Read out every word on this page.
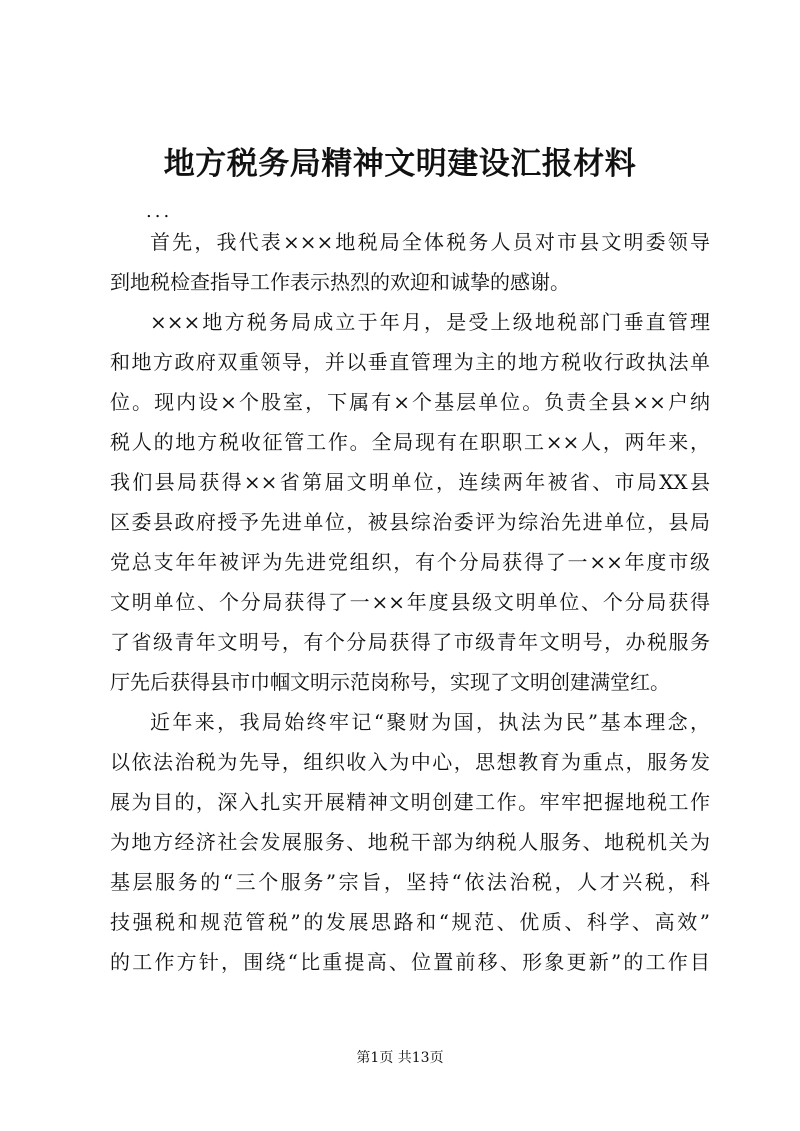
地方税务局精神文明建设汇报材料
...
首先，我代表×××地税局全体税务人员对市县文明委领导
到地税检查指导工作表示热烈的欢迎和诚挚的感谢。
×××地方税务局成立于年月，是受上级地税部门垂直管理
和地方政府双重领导，并以垂直管理为主的地方税收行政执法单
位。现内设×个股室，下属有×个基层单位。负责全县××户纳
税人的地方税收征管工作。全局现有在职职工××人，两年来，
我们县局获得××省第届文明单位，连续两年被省、市局XX县
区委县政府授予先进单位，被县综治委评为综治先进单位，县局
党总支年年被评为先进党组织，有个分局获得了一××年度市级
文明单位、个分局获得了一××年度县级文明单位、个分局获得
了省级青年文明号，有个分局获得了市级青年文明号，办税服务
厅先后获得县市巾帼文明示范岗称号，实现了文明创建满堂红。
近年来，我局始终牢记“聚财为国，执法为民”基本理念，
以依法治税为先导，组织收入为中心，思想教育为重点，服务发
展为目的，深入扎实开展精神文明创建工作。牢牢把握地税工作
为地方经济社会发展服务、地税干部为纳税人服务、地税机关为
基层服务的“三个服务”宗旨，坚持“依法治税，人才兴税，科
技强税和规范管税”的发展思路和“规范、优质、科学、高效”
的工作方针，围绕“比重提高、位置前移、形象更新”的工作目
第1页 共13页
